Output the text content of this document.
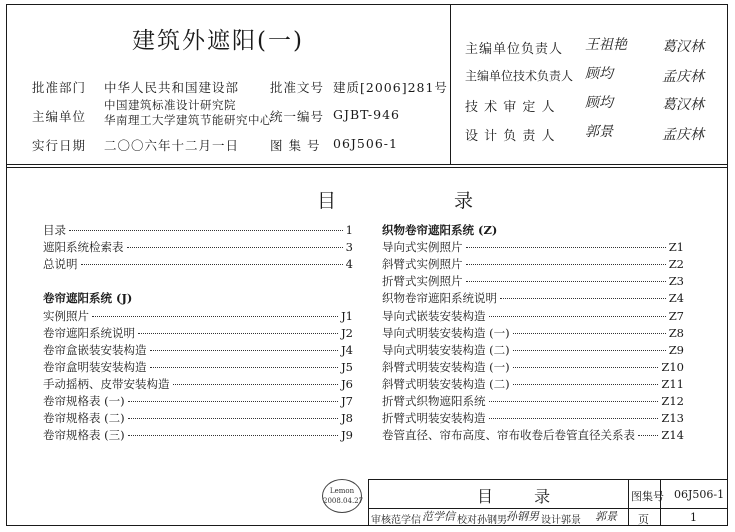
建筑外遮阳(一)
批准部门 中华人民共和国建设部
主编单位
中国建筑标准设计研究院
华南理工大学建筑节能研究中心
实行日期 二〇〇六年十二月一日
批准文号 建质[2006]281号
统一编号 GJBT-946
图 集 号 06J506-1
主编单位负责人 王祖艳	葛汉林
主编单位技术负责人 顾均	孟庆林
技 术 审 定 人 顾均	葛汉林
设 计 负 责 人 郭景	孟庆林
目 录
目录	1
遮阳系统检索表	3
总说明	4
卷帘遮阳系统 (J)
实例照片	J1
卷帘遮阳系统说明	J2
卷帘盒嵌装安装构造	J4
卷帘盒明装安装构造	J5
手动摇柄、皮带安装构造	J6
卷帘规格表 (一)	J7
卷帘规格表 (二)	J8
卷帘规格表 (三)	J9
织物卷帘遮阳系统 (Z)
导向式实例照片	Z1
斜臂式实例照片	Z2
折臂式实例照片	Z3
织物卷帘遮阳系统说明	Z4
导向式嵌装安装构造	Z7
导向式明装安装构造 (一)	Z8
导向式明装安装构造 (二)	Z9
斜臂式明装安装构造 (一)	Z10
斜臂式明装安装构造 (二)	Z11
折臂式织物遮阳系统	Z12
折臂式明装安装构造	Z13
卷管直径、帘布高度、帘布收卷后卷管直径关系表 Z14
目 录	图集号 06J506-1
页	1
审核范学信 范学信 校对孙钢男 孙钢男 设计郭景 郭景
Lemon
2008.04.27
